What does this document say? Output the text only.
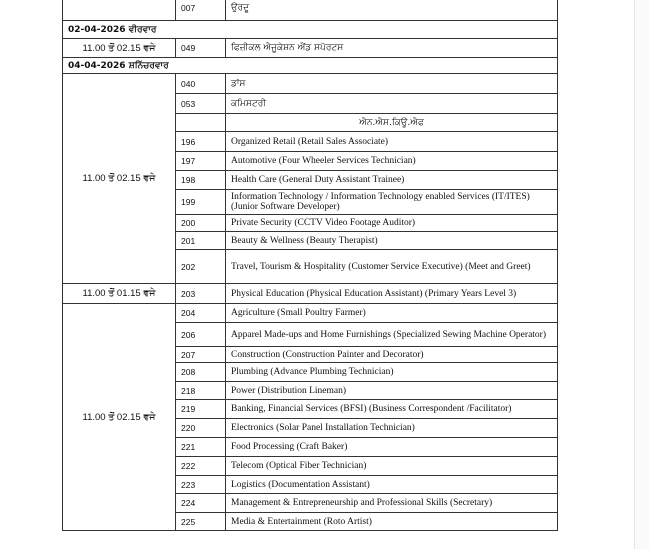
	007	ਉਰਦੂ
02-04-2026 ਵੀਰਵਾਰ		
11.00 ਤੋਂ 02.15 ਵਜੇ	049	ਫਿਜ਼ੀਕਲ ਐਜੂਕੇਸ਼ਨ ਐਂਡ ਸਪੋਰਟਸ
04-04-2026 ਸ਼ਨਿੱਚਰਵਾਰ		
11.00 ਤੋਂ 02.15 ਵਜੇ	040	ਡਾਂਸ
	053	ਕਮਿਸਟਰੀ
		ਐਨ.ਐਸ.ਕਿਊ.ਐਫ
	196	Organized Retail (Retail Sales Associate)
	197	Automotive (Four Wheeler Services Technician)
	198	Health Care (General Duty Assistant Trainee)
	199	Information Technology / Information Technology enabled Services (IT/ITES) (Junior Software Developer)
	200	Private Security (CCTV Video Footage Auditor)
	201	Beauty & Wellness (Beauty Therapist)
	202	Travel, Tourism & Hospitality (Customer Service Executive) (Meet and Greet)
11.00 ਤੋਂ 01.15 ਵਜੇ	203	Physical Education (Physical Education Assistant) (Primary Years Level 3)
11.00 ਤੋਂ 02.15 ਵਜੇ	204	Agriculture (Small Poultry Farmer)
	206	Apparel Made-ups and Home Furnishings (Specialized Sewing Machine Operator)
	207	Construction (Construction Painter and Decorator)
	208	Plumbing (Advance Plumbing Technician)
	218	Power (Distribution Lineman)
	219	Banking, Financial Services (BFSI) (Business Correspondent /Facilitator)
	220	Electronics (Solar Panel Installation Technician)
	221	Food Processing (Craft Baker)
	222	Telecom (Optical Fiber Technician)
	223	Logistics (Documentation Assistant)
	224	Management & Entrepreneurship and Professional Skills (Secretary)
	225	Media & Entertainment (Roto Artist)
